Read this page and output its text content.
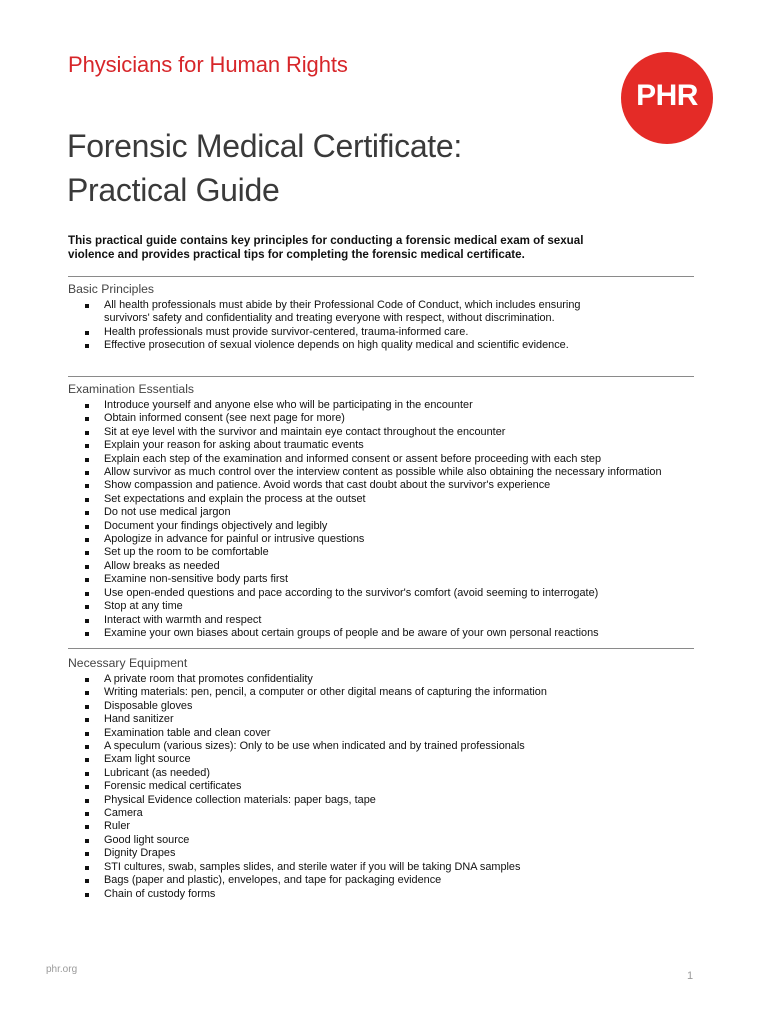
Physicians for Human Rights
PHR
Forensic Medical Certificate:
Practical Guide

This practical guide contains key principles for conducting a forensic medical exam of sexual violence and provides practical tips for completing the forensic medical certificate.

Basic Principles
All health professionals must abide by their Professional Code of Conduct, which includes ensuring survivors' safety and confidentiality and treating everyone with respect, without discrimination.
Health professionals must provide survivor-centered, trauma-informed care.
Effective prosecution of sexual violence depends on high quality medical and scientific evidence.
Examination Essentials
Introduce yourself and anyone else who will be participating in the encounter
Obtain informed consent (see next page for more)
Sit at eye level with the survivor and maintain eye contact throughout the encounter
Explain your reason for asking about traumatic events
Explain each step of the examination and informed consent or assent before proceeding with each step
Allow survivor as much control over the interview content as possible while also obtaining the necessary information
Show compassion and patience. Avoid words that cast doubt about the survivor's experience
Set expectations and explain the process at the outset
Do not use medical jargon
Document your findings objectively and legibly
Apologize in advance for painful or intrusive questions
Set up the room to be comfortable
Allow breaks as needed
Examine non-sensitive body parts first
Use open-ended questions and pace according to the survivor's comfort (avoid seeming to interrogate)
Stop at any time
Interact with warmth and respect
Examine your own biases about certain groups of people and be aware of your own personal reactions
Necessary Equipment
A private room that promotes confidentiality
Writing materials: pen, pencil, a computer or other digital means of capturing the information
Disposable gloves
Hand sanitizer
Examination table and clean cover
A speculum (various sizes): Only to be use when indicated and by trained professionals
Exam light source
Lubricant (as needed)
Forensic medical certificates
Physical Evidence collection materials: paper bags, tape
Camera
Ruler
Good light source
Dignity Drapes
STI cultures, swab, samples slides, and sterile water if you will be taking DNA samples
Bags (paper and plastic), envelopes, and tape for packaging evidence
Chain of custody forms
phr.org
1
